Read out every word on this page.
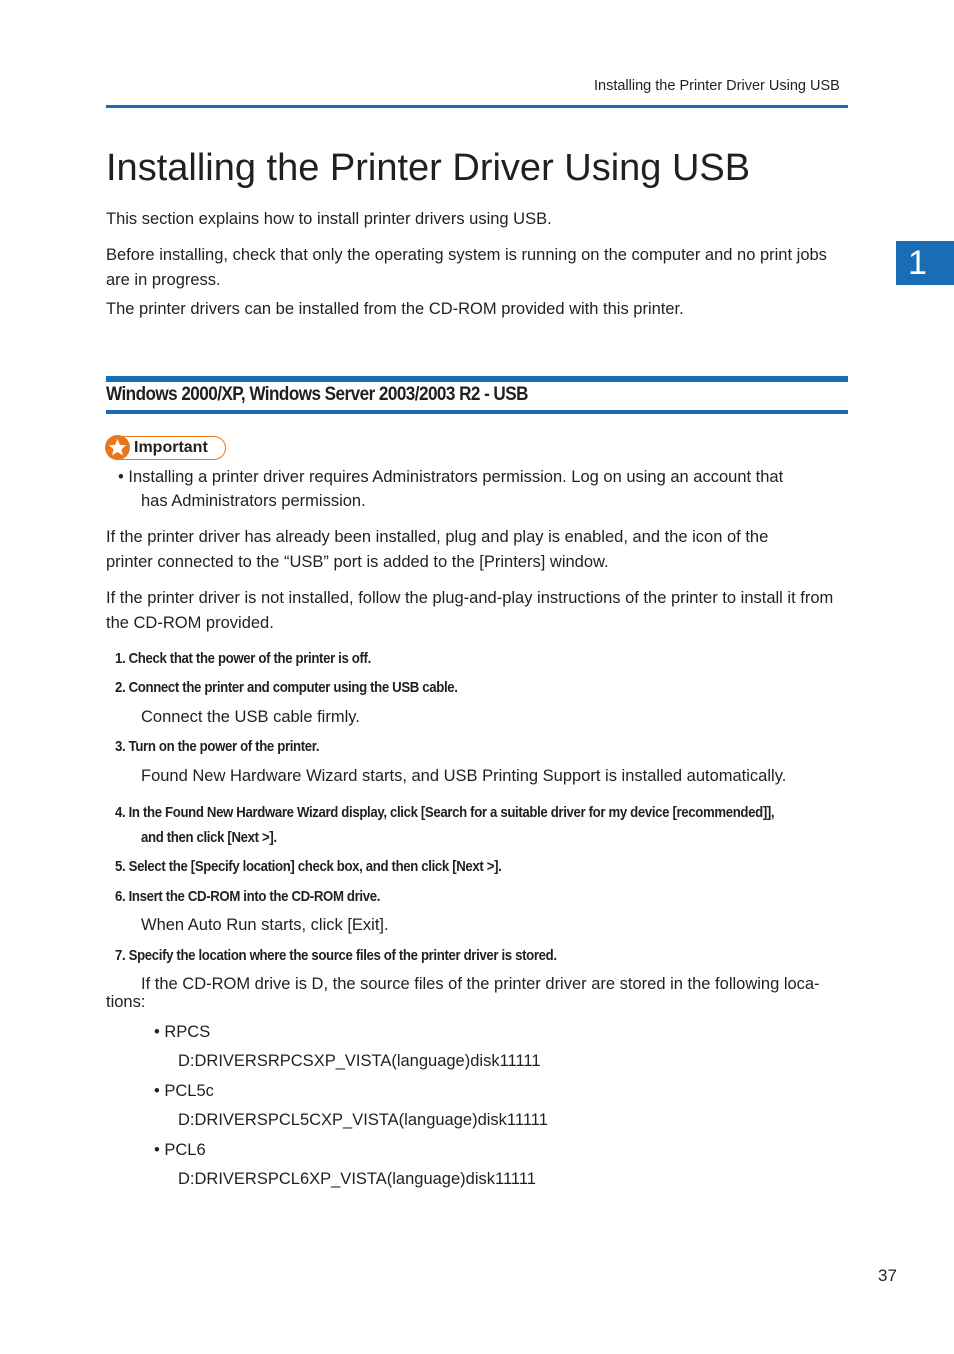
Installing the Printer Driver Using USB
1
Installing the Printer Driver Using USB
This section explains how to install printer drivers using USB.
Before installing, check that only the operating system is running on the computer and no print jobs
are in progress.
The printer drivers can be installed from the CD-ROM provided with this printer.
Windows 2000/XP, Windows Server 2003/2003 R2 - USB
Important
• Installing a printer driver requires Administrators permission. Log on using an account that
has Administrators permission.
If the printer driver has already been installed, plug and play is enabled, and the icon of the
printer connected to the “USB” port is added to the [Printers] window.
If the printer driver is not installed, follow the plug-and-play instructions of the printer to install it from
the CD-ROM provided.
1. Check that the power of the printer is off.
2. Connect the printer and computer using the USB cable.
Connect the USB cable firmly.
3. Turn on the power of the printer.
Found New Hardware Wizard starts, and USB Printing Support is installed automatically.
4. In the Found New Hardware Wizard display, click [Search for a suitable driver for my device [recommended]],
and then click [Next >].
5. Select the [Specify location] check box, and then click [Next >].
6. Insert the CD-ROM into the CD-ROM drive.
When Auto Run starts, click [Exit].
7. Specify the location where the source files of the printer driver is stored.
If the CD-ROM drive is D, the source files of the printer driver are stored in the following loca-
tions:
• RPCS
D:DRIVERSRPCSXP_VISTA(language)disk11111
• PCL5c
D:DRIVERSPCL5CXP_VISTA(language)disk11111
• PCL6
D:DRIVERSPCL6XP_VISTA(language)disk11111
37
